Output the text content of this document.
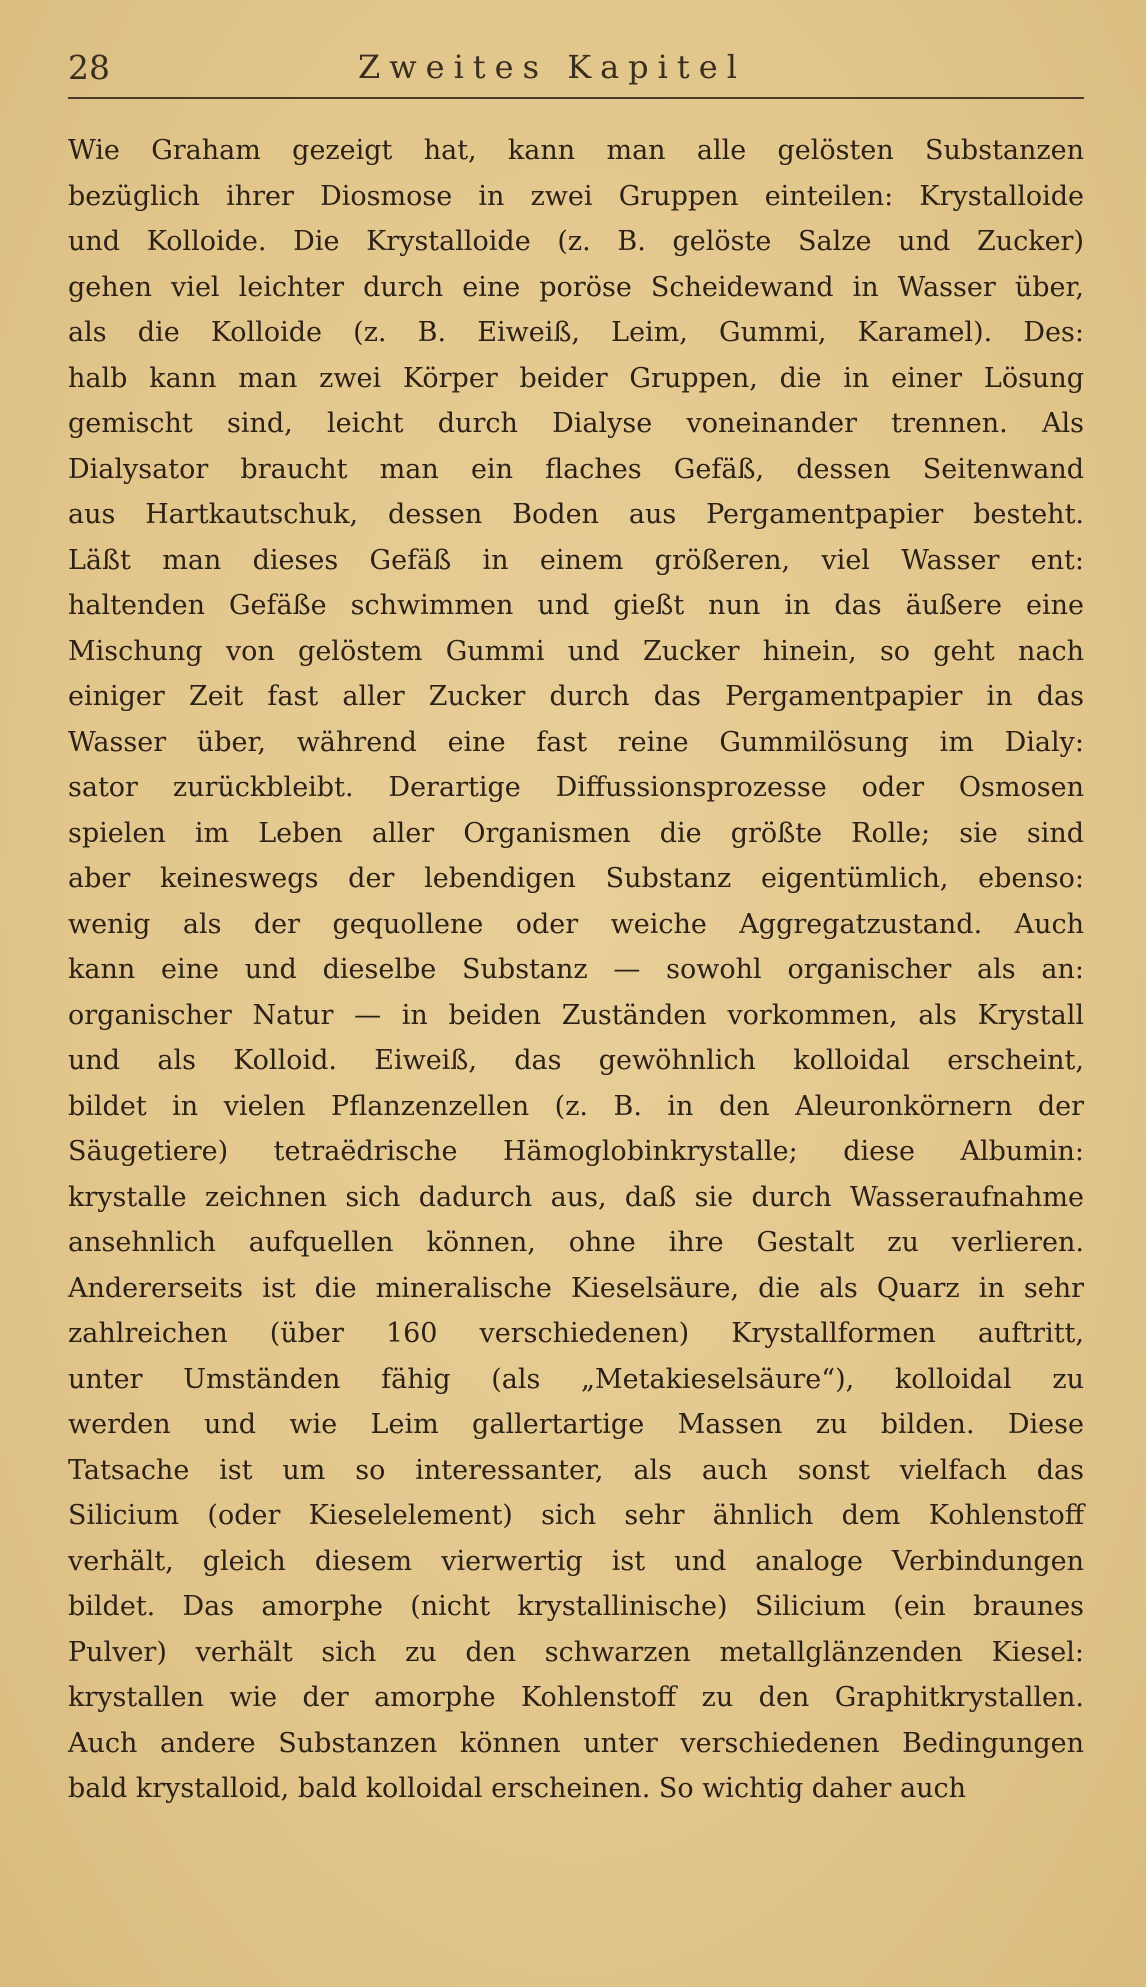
28	Zweites Kapitel
Wie Graham gezeigt hat, kann man alle gelösten Substanzen
bezüglich ihrer Diosmose in zwei Gruppen einteilen: Krystalloide
und Kolloide. Die Krystalloide (z. B. gelöste Salze und Zucker)
gehen viel leichter durch eine poröse Scheidewand in Wasser über,
als die Kolloide (z. B. Eiweiß, Leim, Gummi, Karamel). Des:
halb kann man zwei Körper beider Gruppen, die in einer Lösung
gemischt sind, leicht durch Dialyse voneinander trennen. Als
Dialysator braucht man ein flaches Gefäß, dessen Seitenwand
aus Hartkautschuk, dessen Boden aus Pergamentpapier besteht.
Läßt man dieses Gefäß in einem größeren, viel Wasser ent:
haltenden Gefäße schwimmen und gießt nun in das äußere eine
Mischung von gelöstem Gummi und Zucker hinein, so geht nach
einiger Zeit fast aller Zucker durch das Pergamentpapier in das
Wasser über, während eine fast reine Gummilösung im Dialy:
sator zurückbleibt. Derartige Diffussionsprozesse oder Osmosen
spielen im Leben aller Organismen die größte Rolle; sie sind
aber keineswegs der lebendigen Substanz eigentümlich, ebenso:
wenig als der gequollene oder weiche Aggregatzustand. Auch
kann eine und dieselbe Substanz — sowohl organischer als an:
organischer Natur — in beiden Zuständen vorkommen, als Krystall
und als Kolloid. Eiweiß, das gewöhnlich kolloidal erscheint,
bildet in vielen Pflanzenzellen (z. B. in den Aleuronkörnern der
Säugetiere) tetraëdrische Hämoglobinkrystalle; diese Albumin:
krystalle zeichnen sich dadurch aus, daß sie durch Wasseraufnahme
ansehnlich aufquellen können, ohne ihre Gestalt zu verlieren.
Andererseits ist die mineralische Kieselsäure, die als Quarz in sehr
zahlreichen (über 160 verschiedenen) Krystallformen auftritt,
unter Umständen fähig (als „Metakieselsäure“), kolloidal zu
werden und wie Leim gallertartige Massen zu bilden. Diese
Tatsache ist um so interessanter, als auch sonst vielfach das
Silicium (oder Kieselelement) sich sehr ähnlich dem Kohlenstoff
verhält, gleich diesem vierwertig ist und analoge Verbindungen
bildet. Das amorphe (nicht krystallinische) Silicium (ein braunes
Pulver) verhält sich zu den schwarzen metallglänzenden Kiesel:
krystallen wie der amorphe Kohlenstoff zu den Graphitkrystallen.
Auch andere Substanzen können unter verschiedenen Bedingungen
bald krystalloid, bald kolloidal erscheinen. So wichtig daher auch
